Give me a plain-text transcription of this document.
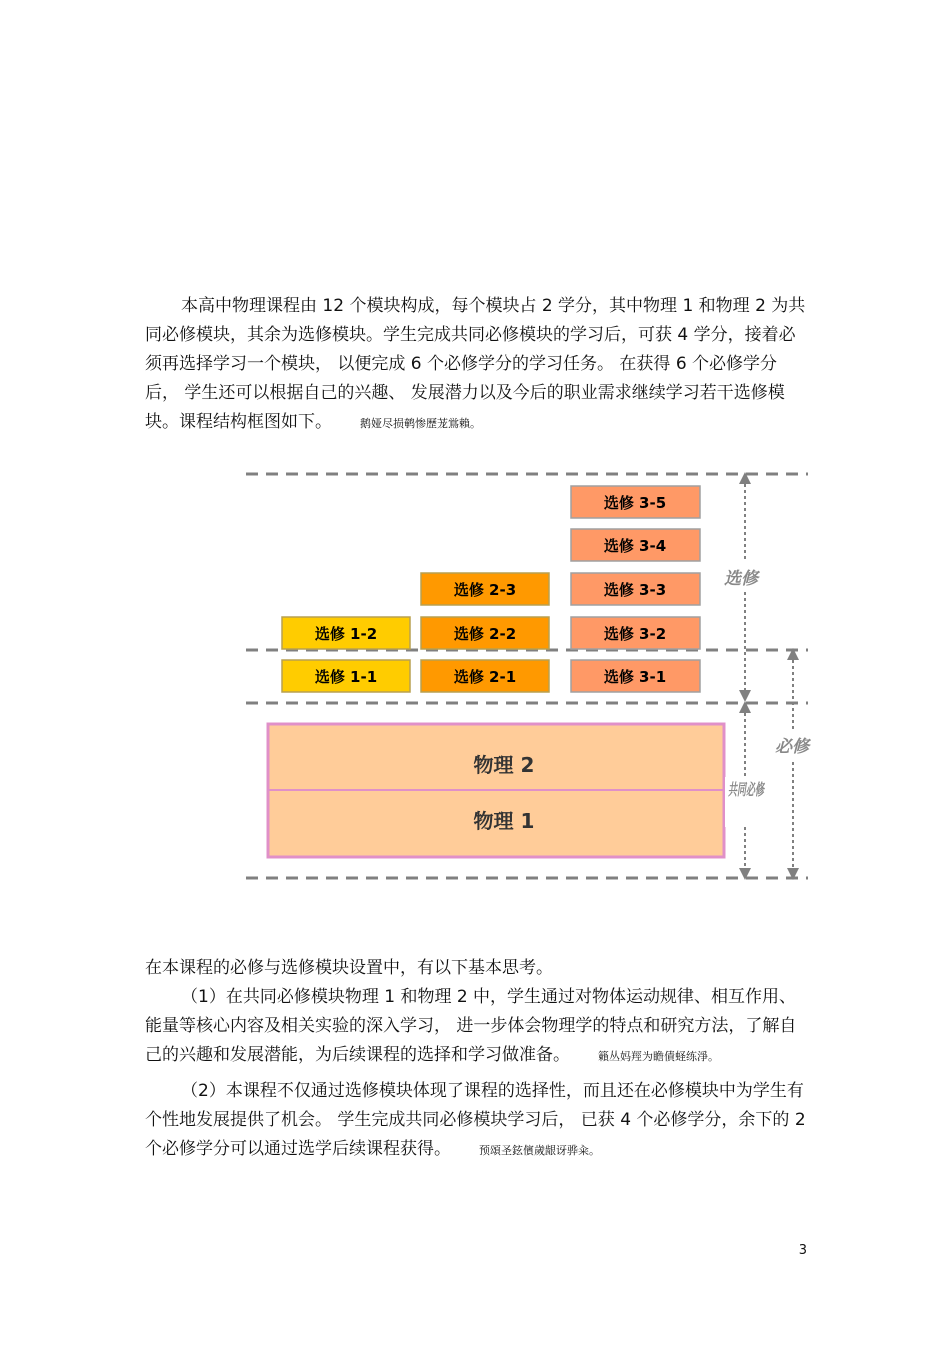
本高中物理课程由 12 个模块构成，每个模块占 2 学分，其中物理 1 和物理 2 为共同必修模块，其余为选修模块。学生完成共同必修模块的学习后，可获 4 学分，接着必须再选择学习一个模块， 以便完成 6 个必修学分的学习任务。 在获得 6 个必修学分后， 学生还可以根据自己的兴趣、 发展潜力以及今后的职业需求继续学习若干选修模块。课程结构框图如下。	鹅娅尽损鹌惨歷茏鴬賴。

选修 1-1
选修 1-2
选修 2-1
选修 2-2
选修 2-3
选修 3-1
选修 3-2
选修 3-3
选修 3-4
选修 3-5
物理 2
物理 1
选修
共同必修
必修

在本课程的必修与选修模块设置中，有以下基本思考。

（1）在共同必修模块物理 1 和物理 2 中，学生通过对物体运动规律、相互作用、能量等核心内容及相关实验的深入学习， 进一步体会物理学的特点和研究方法，了解自己的兴趣和发展潜能，为后续课程的选择和学习做准备。	籟丛妈羥为瞻債蛏练淨。

（2）本课程不仅通过选修模块体现了课程的选择性，而且还在必修模块中为学生有个性地发展提供了机会。 学生完成共同必修模块学习后， 已获 4 个必修学分，余下的 2 个必修学分可以通过选学后续课程获得。	预頌圣鉉儐歲龈讶骅籴。

3
